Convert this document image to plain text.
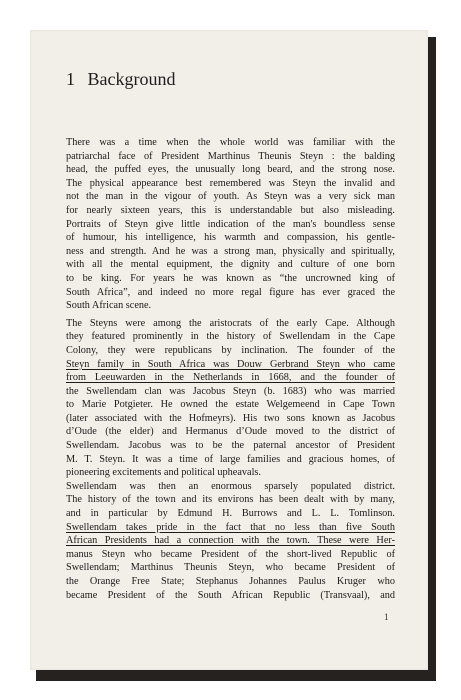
1 Background
There was a time when the whole world was familiar with the
patriarchal face of President Marthinus Theunis Steyn : the balding
head, the puffed eyes, the unusually long beard, and the strong nose.
The physical appearance best remembered was Steyn the invalid and
not the man in the vigour of youth. As Steyn was a very sick man
for nearly sixteen years, this is understandable but also misleading.
Portraits of Steyn give little indication of the man's boundless sense
of humour, his intelligence, his warmth and compassion, his gentle-
ness and strength. And he was a strong man, physically and spiritually,
with all the mental equipment, the dignity and culture of one born
to be king. For years he was known as “the uncrowned king of
South Africa”, and indeed no more regal figure has ever graced the
South African scene.
The Steyns were among the aristocrats of the early Cape. Although
they featured prominently in the history of Swellendam in the Cape
Colony, they were republicans by inclination. The founder of the
Steyn family in South Africa was Douw Gerbrand Steyn who came
from Leeuwarden in the Netherlands in 1668, and the founder of
the Swellendam clan was Jacobus Steyn (b. 1683) who was married
to Marie Potgieter. He owned the estate Welgemeend in Cape Town
(later associated with the Hofmeyrs). His two sons known as Jacobus
d’Oude (the elder) and Hermanus d’Oude moved to the district of
Swellendam. Jacobus was to be the paternal ancestor of President
M. T. Steyn. It was a time of large families and gracious homes, of
pioneering excitements and political upheavals.
Swellendam was then an enormous sparsely populated district.
The history of the town and its environs has been dealt with by many,
and in particular by Edmund H. Burrows and L. L. Tomlinson.
Swellendam takes pride in the fact that no less than five South
African Presidents had a connection with the town. These were Her-
manus Steyn who became President of the short-lived Republic of
Swellendam; Marthinus Theunis Steyn, who became President of
the Orange Free State; Stephanus Johannes Paulus Kruger who
became President of the South African Republic (Transvaal), and
1
